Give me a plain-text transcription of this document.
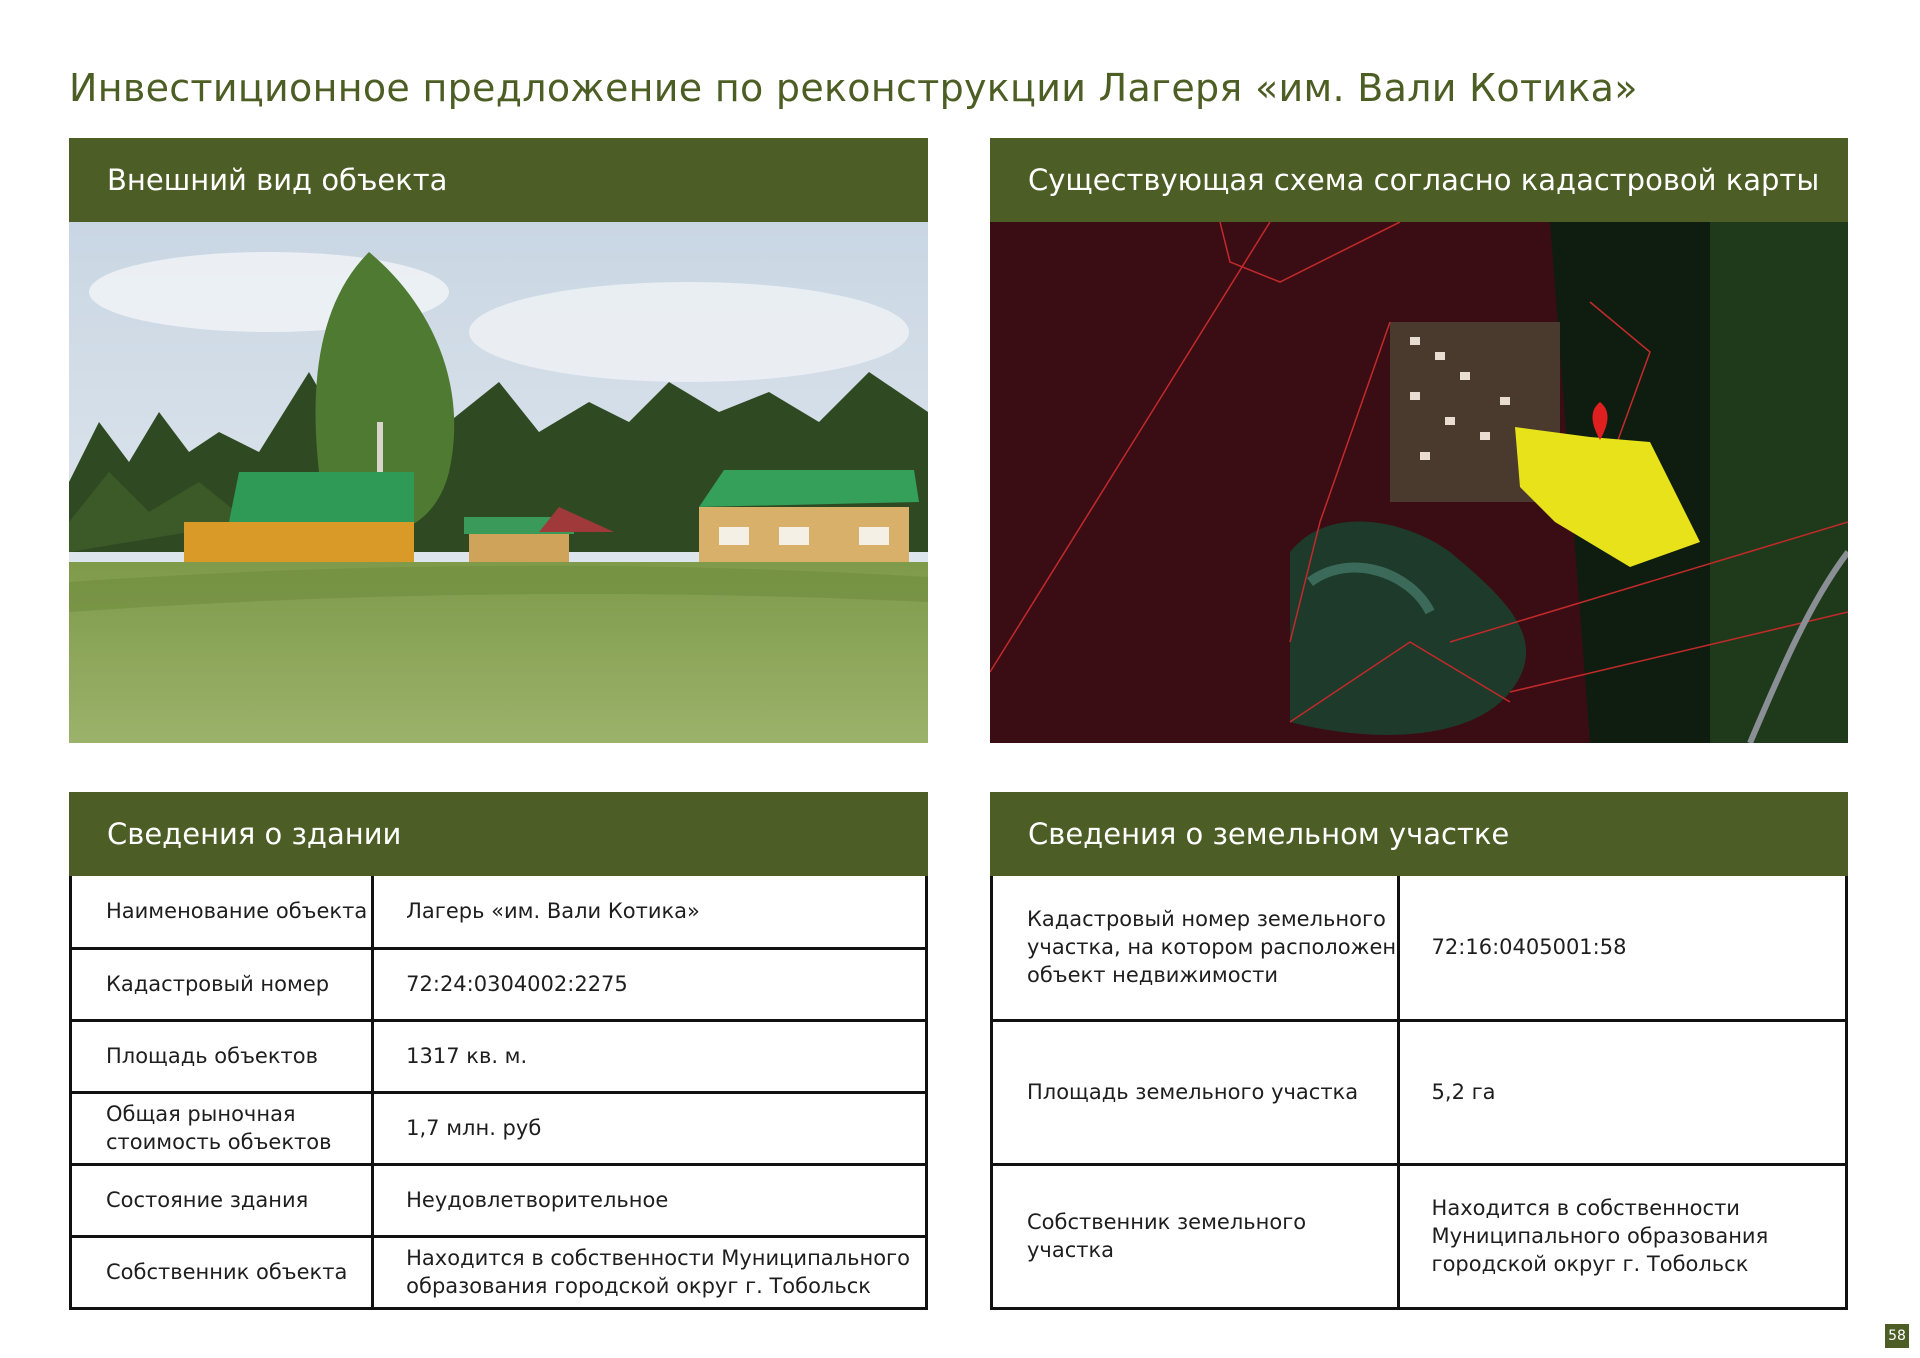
Инвестиционное предложение по реконструкции Лагеря «им. Вали Котика»
Внешний вид объекта	Существующая схема согласно кадастровой карты
Сведения о здании
Наименование объекта	Лагерь «им. Вали Котика»
Кадастровый номер	72:24:0304002:2275
Площадь объектов	1317 кв. м.
Общая рыночная стоимость объектов	1,7 млн. руб
Состояние здания	Неудовлетворительное
Собственник объекта	Находится в собственности Муниципального образования городской округ г. Тобольск
Сведения о земельном участке
Кадастровый номер земельного участка, на котором расположен объект недвижимости	72:16:0405001:58
Площадь земельного участка	5,2 га
Собственник земельного участка	Находится в собственности Муниципального образования городской округ г. Тобольск
58
